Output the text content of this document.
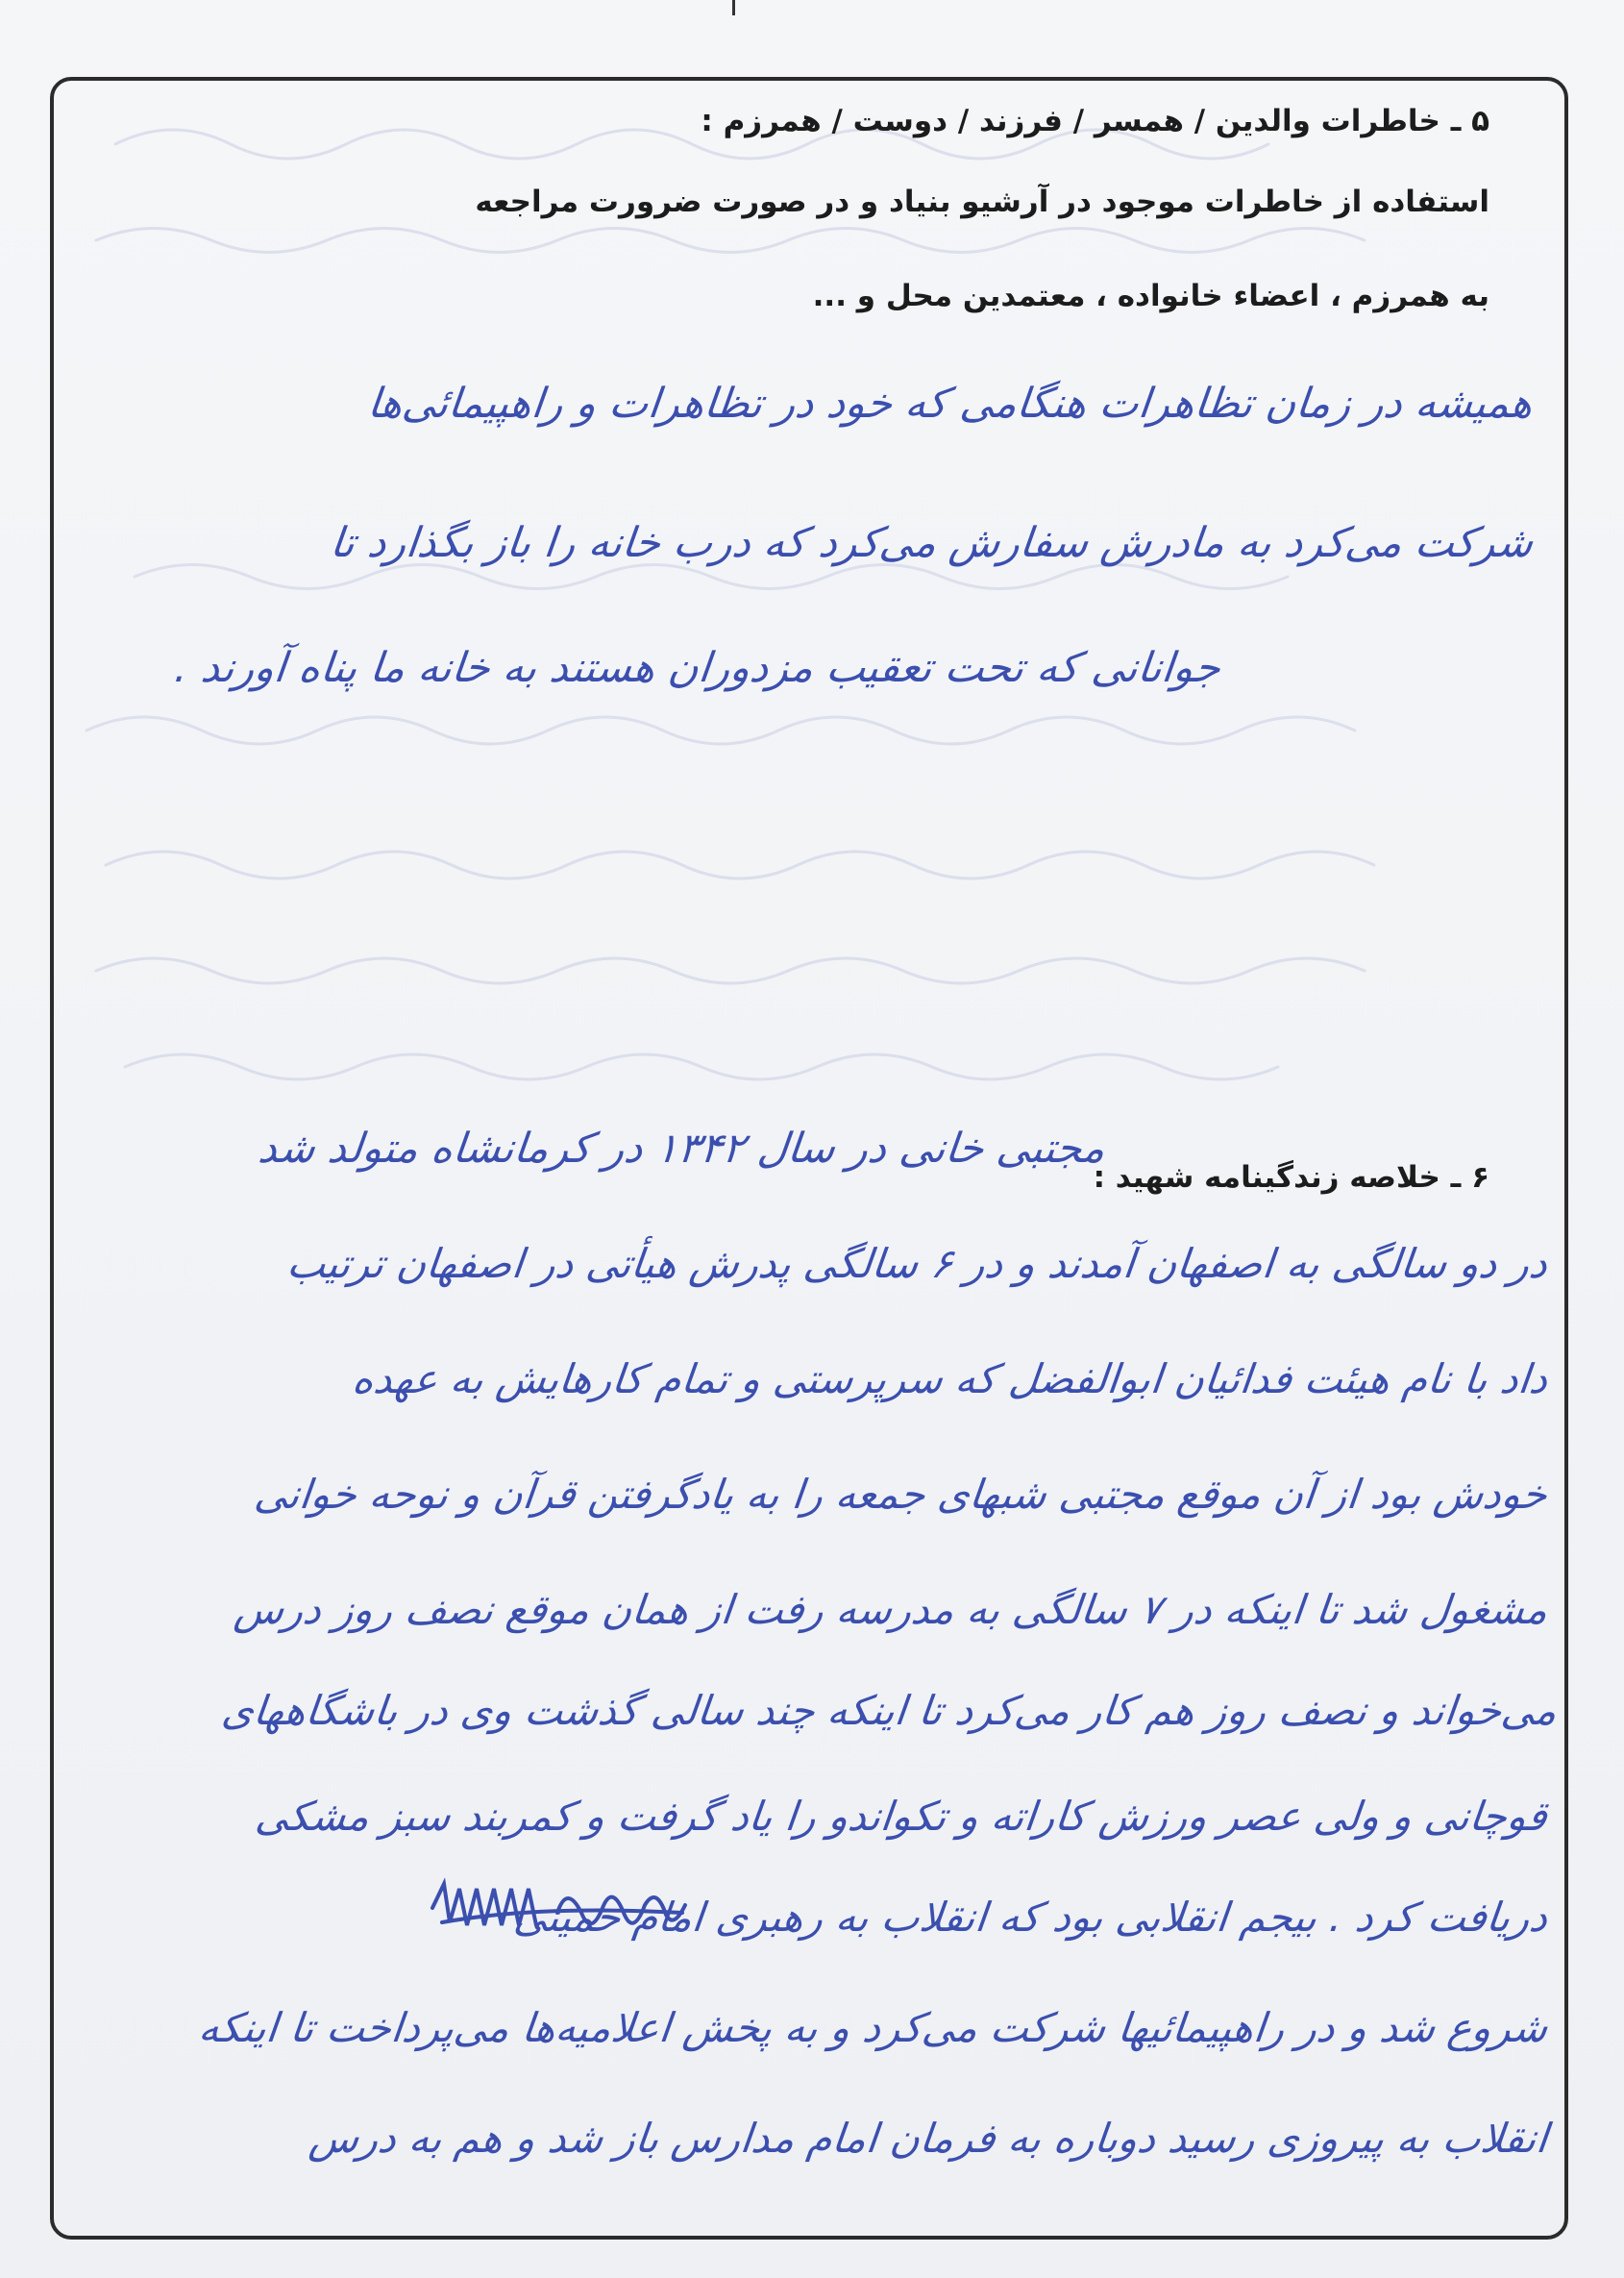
۵ ـ خاطرات والدین / همسر / فرزند / دوست / همرزم :
استفاده از خاطرات موجود در آرشیو بنیاد و در صورت ضرورت مراجعه
به همرزم ، اعضاء خانواده ، معتمدین محل و ...
همیشه در زمان تظاهرات هنگامی که خود در تظاهرات و راهپیمائی‌ها
شرکت می‌کرد به مادرش سفارش می‌کرد که درب خانه را باز بگذارد تا
جوانانی که تحت تعقیب مزدوران هستند به خانه ما پناه آورند .
۶ ـ خلاصه زندگینامه شهید :
مجتبی خانی در سال ۱۳۴۲ در کرمانشاه متولد شد
در دو سالگی به اصفهان آمدند و در ۶ سالگی پدرش هیأتی در اصفهان ترتیب
داد با نام هیئت فدائیان ابوالفضل که سرپرستی و تمام کارهایش به عهده
خودش بود از آن موقع مجتبی شبهای جمعه را به یادگرفتن قرآن و نوحه خوانی
مشغول شد تا اینکه در ۷ سالگی به مدرسه رفت از همان موقع نصف روز درس
می‌خواند و نصف روز هم کار می‌کرد تا اینکه چند سالی گذشت وی در باشگاههای
قوچانی و ولی عصر ورزش کاراته و تکواندو را یاد گرفت و کمربند سبز مشکی
دریافت کرد . بیجم انقلابی بود که انقلاب به رهبری امام خمینی
شروع شد و در راهپیمائیها شرکت می‌کرد و به پخش اعلامیه‌ها می‌پرداخت تا اینکه
انقلاب به پیروزی رسید دوباره به فرمان امام مدارس باز شد و هم به درس
